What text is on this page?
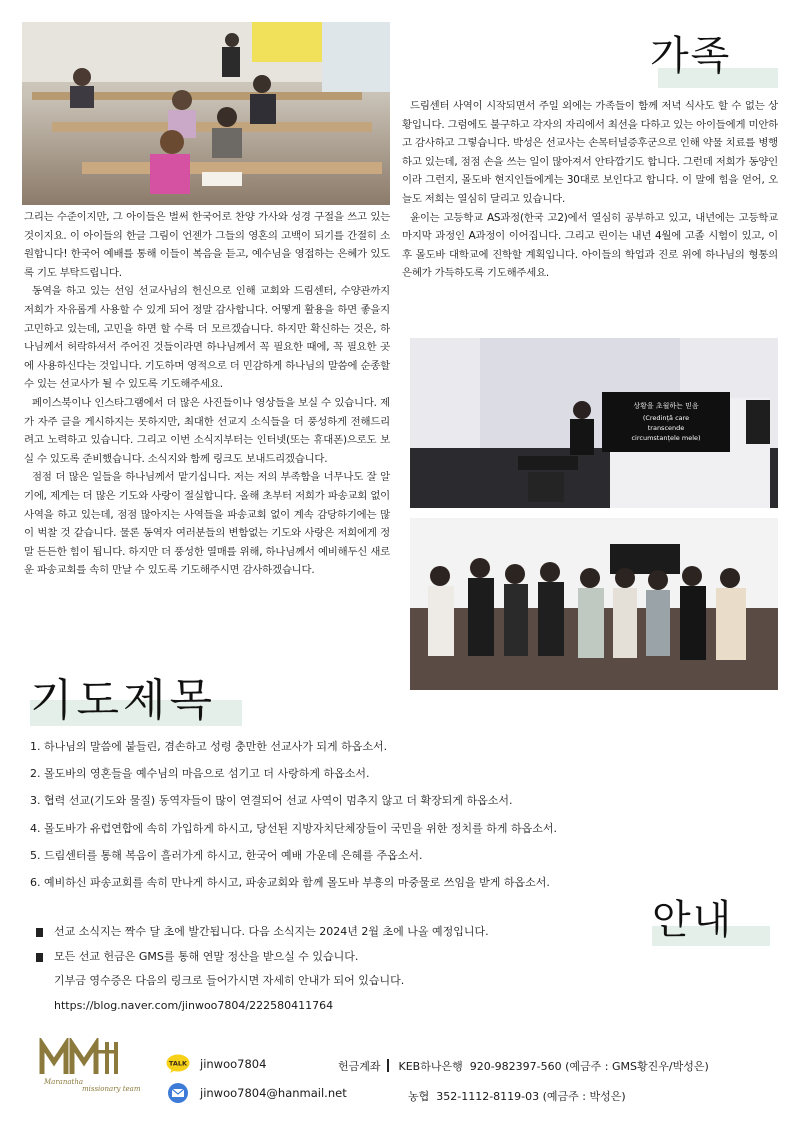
상황을 초월하는 믿음
(Credință care
transcende
circumstanțele mele)
가족

그리는 수준이지만, 그 아이들은 벌써 한국어로 찬양 가사와 성경 구절을 쓰고 있는 것이지요. 이 아이들의 한글 그림이 언젠가 그들의 영혼의 고백이 되기를 간절히 소원합니다! 한국어 예배를 통해 이들이 복음을 듣고, 예수님을 영접하는 은혜가 있도록 기도 부탁드립니다.

동역을 하고 있는 선임 선교사님의 헌신으로 인해 교회와 드림센터, 수양관까지 저희가 자유롭게 사용할 수 있게 되어 정말 감사합니다. 어떻게 활용을 하면 좋을지 고민하고 있는데, 고민을 하면 할 수록 더 모르겠습니다. 하지만 확신하는 것은, 하나님께서 허락하셔서 주어진 것들이라면 하나님께서 꼭 필요한 때에, 꼭 필요한 곳에 사용하신다는 것입니다. 기도하며 영적으로 더 민감하게 하나님의 말씀에 순종할 수 있는 선교사가 될 수 있도록 기도해주세요.

페이스북이나 인스타그램에서 더 많은 사진들이나 영상들을 보실 수 있습니다. 제가 자주 글을 게시하지는 못하지만, 최대한 선교지 소식들을 더 풍성하게 전해드리려고 노력하고 있습니다. 그리고 이번 소식지부터는 인터넷(또는 휴대폰)으로도 보실 수 있도록 준비했습니다. 소식지와 함께 링크도 보내드리겠습니다.

점점 더 많은 일들을 하나님께서 맡기십니다. 저는 저의 부족함을 너무나도 잘 알기에, 제게는 더 많은 기도와 사랑이 절실합니다. 올해 초부터 저희가 파송교회 없이 사역을 하고 있는데, 점점 많아지는 사역들을 파송교회 없이 계속 감당하기에는 많이 벅찰 것 같습니다. 물론 동역자 여러분들의 변함없는 기도와 사랑은 저희에게 정말 든든한 힘이 됩니다. 하지만 더 풍성한 열매를 위해, 하나님께서 예비해두신 새로운 파송교회를 속히 만날 수 있도록 기도해주시면 감사하겠습니다.

드림센터 사역이 시작되면서 주일 외에는 가족들이 함께 저녁 식사도 할 수 없는 상황입니다. 그럼에도 불구하고 각자의 자리에서 최선을 다하고 있는 아이들에게 미안하고 감사하고 그렇습니다. 박성은 선교사는 손목터널증후군으로 인해 약물 치료를 병행하고 있는데, 점점 손을 쓰는 일이 많아져서 안타깝기도 합니다. 그런데 저희가 동양인이라 그런지, 몰도바 현지인들에게는 30대로 보인다고 합니다. 이 말에 힘을 얻어, 오늘도 저희는 열심히 달리고 있습니다.

윤이는 고등학교 AS과정(한국 고2)에서 열심히 공부하고 있고, 내년에는 고등학교 마지막 과정인 A과정이 이어집니다. 그리고 린이는 내년 4월에 고졸 시험이 있고, 이후 몰도바 대학교에 진학할 계획입니다. 아이들의 학업과 진로 위에 하나님의 형통의 은혜가 가득하도록 기도해주세요.

기도제목
1. 하나님의 말씀에 붙들린, 겸손하고 성령 충만한 선교사가 되게 하옵소서.
2. 몰도바의 영혼들을 예수님의 마음으로 섬기고 더 사랑하게 하옵소서.
3. 협력 선교(기도와 물질) 동역자들이 많이 연결되어 선교 사역이 멈추지 않고 더 확장되게 하옵소서.
4. 몰도바가 유럽연합에 속히 가입하게 하시고, 당선된 지방자치단체장들이 국민을 위한 정치를 하게 하옵소서.
5. 드림센터를 통해 복음이 흘러가게 하시고, 한국어 예배 가운데 은혜를 주옵소서.
6. 예비하신 파송교회를 속히 만나게 하시고, 파송교회와 함께 몰도바 부흥의 마중물로 쓰임을 받게 하옵소서.
안내
선교 소식지는 짝수 달 초에 발간됩니다. 다음 소식지는 2024년 2월 초에 나올 예정입니다.
모든 선교 헌금은 GMS를 통해 연말 정산을 받으실 수 있습니다.
기부금 영수증은 다음의 링크로 들어가시면 자세히 안내가 되어 있습니다.
https://blog.naver.com/jinwoo7804/222580411764
Maranatha
missionary team
TALK jinwoo7804
jinwoo7804@hanmail.net
헌금계좌 KEB하나은행  920-982397-560 (예금주 : GMS황진우/박성은)
농협  352-1112-8119-03 (예금주 : 박성은)
